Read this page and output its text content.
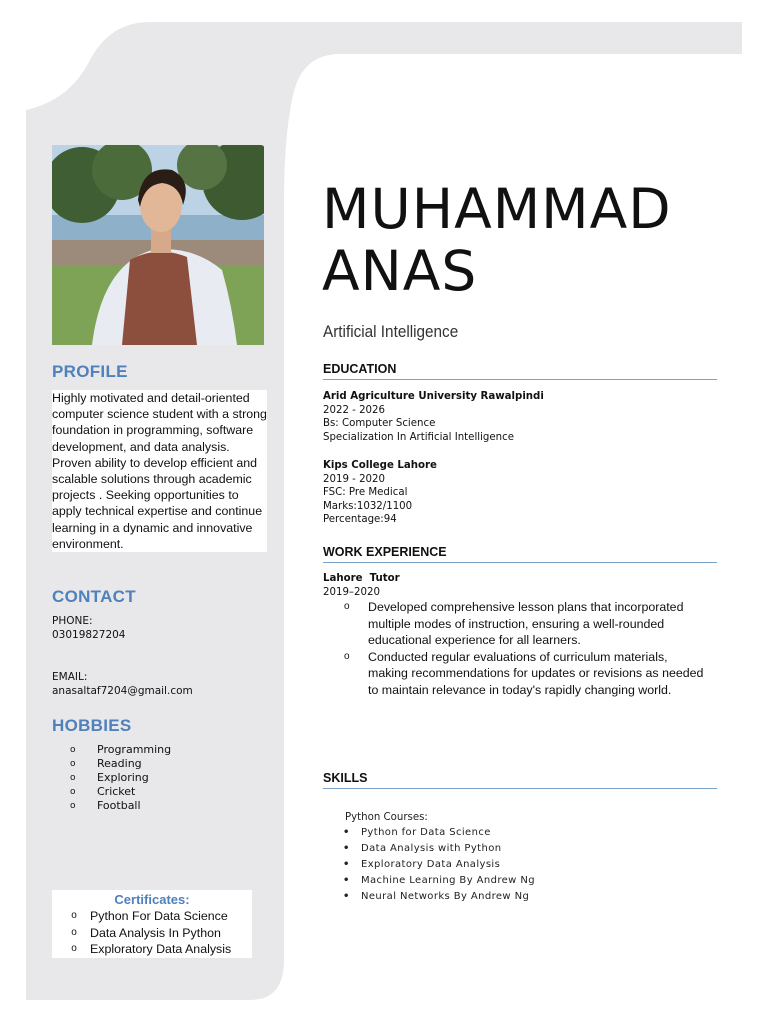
PROFILE
Highly motivated and detail-oriented computer science student with a strong foundation in programming, software development, and data analysis. Proven ability to develop efficient and scalable solutions through academic projects . Seeking opportunities to apply technical expertise and continue learning in a dynamic and innovative environment.
CONTACT
PHONE:
03019827204
EMAIL:
anasaltaf7204@gmail.com
HOBBIES
o	Programming
o	Reading
o	Exploring
o	Cricket
o	Football
Certificates:
o	Python For Data Science
o	Data Analysis In Python
o	Exploratory Data Analysis
MUHAMMAD
ANAS
Artificial Intelligence
EDUCATION
Arid Agriculture University Rawalpindi
2022 - 2026
Bs: Computer Science
Specialization In Artificial Intelligence
Kips College Lahore
2019 - 2020
FSC: Pre Medical
Marks:1032/1100
Percentage:94
WORK EXPERIENCE
Lahore  Tutor
2019–2020
o	Developed comprehensive lesson plans that incorporated multiple modes of instruction, ensuring a well-rounded educational experience for all learners.
o	Conducted regular evaluations of curriculum materials, making recommendations for updates or revisions as needed to maintain relevance in today's rapidly changing world.
SKILLS
Python Courses:
•	Python for Data Science
•	Data Analysis with Python
•	Exploratory Data Analysis
•	Machine Learning By Andrew Ng
•	Neural Networks By Andrew Ng
